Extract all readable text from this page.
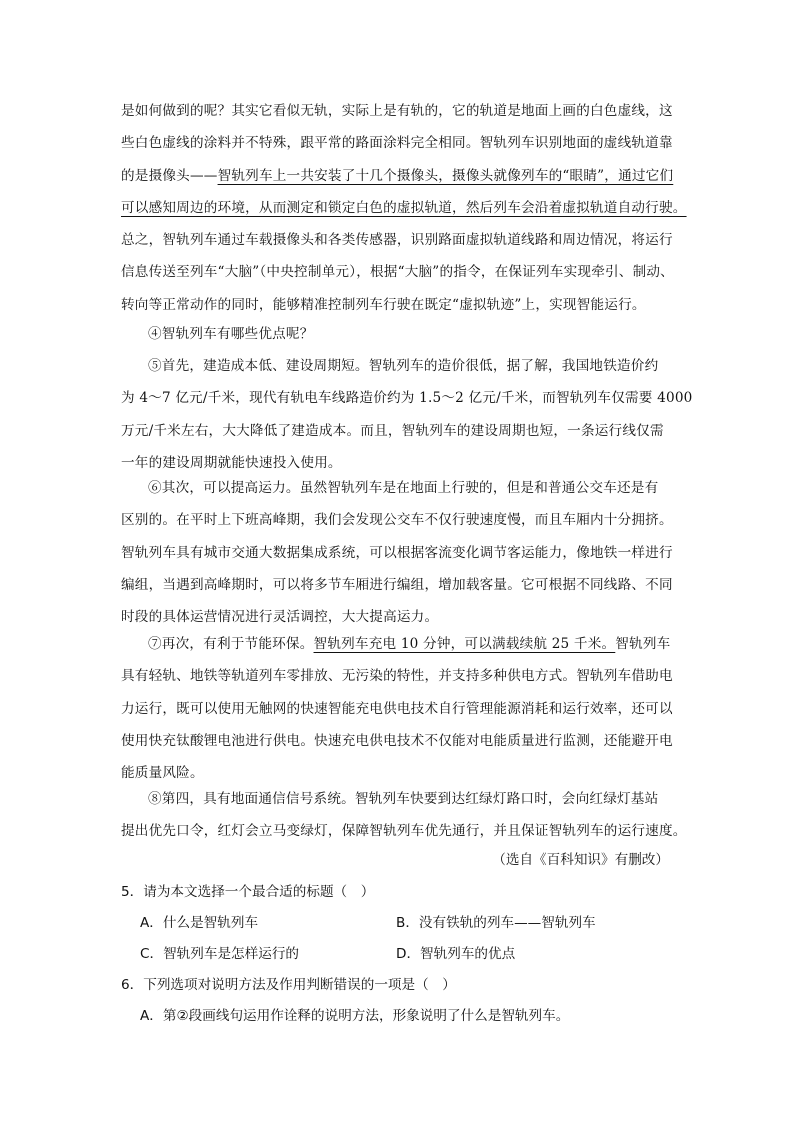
是如何做到的呢？其实它看似无轨，实际上是有轨的，它的轨道是地面上画的白色虚线，这
些白色虚线的涂料并不特殊，跟平常的路面涂料完全相同。智轨列车识别地面的虚线轨道靠
的是摄像头——智轨列车上一共安装了十几个摄像头，摄像头就像列车的“眼睛”，通过它们
可以感知周边的环境，从而测定和锁定白色的虚拟轨道，然后列车会沿着虚拟轨道自动行驶。
总之，智轨列车通过车载摄像头和各类传感器，识别路面虚拟轨道线路和周边情况，将运行
信息传送至列车“大脑”（中央控制单元），根据“大脑”的指令，在保证列车实现牵引、制动、
转向等正常动作的同时，能够精准控制列车行驶在既定“虚拟轨迹”上，实现智能运行。
④智轨列车有哪些优点呢？
⑤首先，建造成本低、建设周期短。智轨列车的造价很低，据了解，我国地铁造价约
为 4～7 亿元/千米，现代有轨电车线路造价约为 1.5～2 亿元/千米，而智轨列车仅需要 4000
万元/千米左右，大大降低了建造成本。而且，智轨列车的建设周期也短，一条运行线仅需
一年的建设周期就能快速投入使用。
⑥其次，可以提高运力。虽然智轨列车是在地面上行驶的，但是和普通公交车还是有
区别的。在平时上下班高峰期，我们会发现公交车不仅行驶速度慢，而且车厢内十分拥挤。
智轨列车具有城市交通大数据集成系统，可以根据客流变化调节客运能力，像地铁一样进行
编组，当遇到高峰期时，可以将多节车厢进行编组，增加载客量。它可根据不同线路、不同
时段的具体运营情况进行灵活调控，大大提高运力。
⑦再次，有利于节能环保。智轨列车充电 10 分钟，可以满载续航 25 千米。智轨列车
具有轻轨、地铁等轨道列车零排放、无污染的特性，并支持多种供电方式。智轨列车借助电
力运行，既可以使用无触网的快速智能充电供电技术自行管理能源消耗和运行效率，还可以
使用快充钛酸锂电池进行供电。快速充电供电技术不仅能对电能质量进行监测，还能避开电
能质量风险。
⑧第四，具有地面通信信号系统。智轨列车快要到达红绿灯路口时，会向红绿灯基站
提出优先口令，红灯会立马变绿灯，保障智轨列车优先通行，并且保证智轨列车的运行速度。
（选自《百科知识》有删改）
5．请为本文选择一个最合适的标题（　）
A．什么是智轨列车	B．没有铁轨的列车——智轨列车
C．智轨列车是怎样运行的	D．智轨列车的优点
6．下列选项对说明方法及作用判断错误的一项是（　）
A．第②段画线句运用作诠释的说明方法，形象说明了什么是智轨列车。
